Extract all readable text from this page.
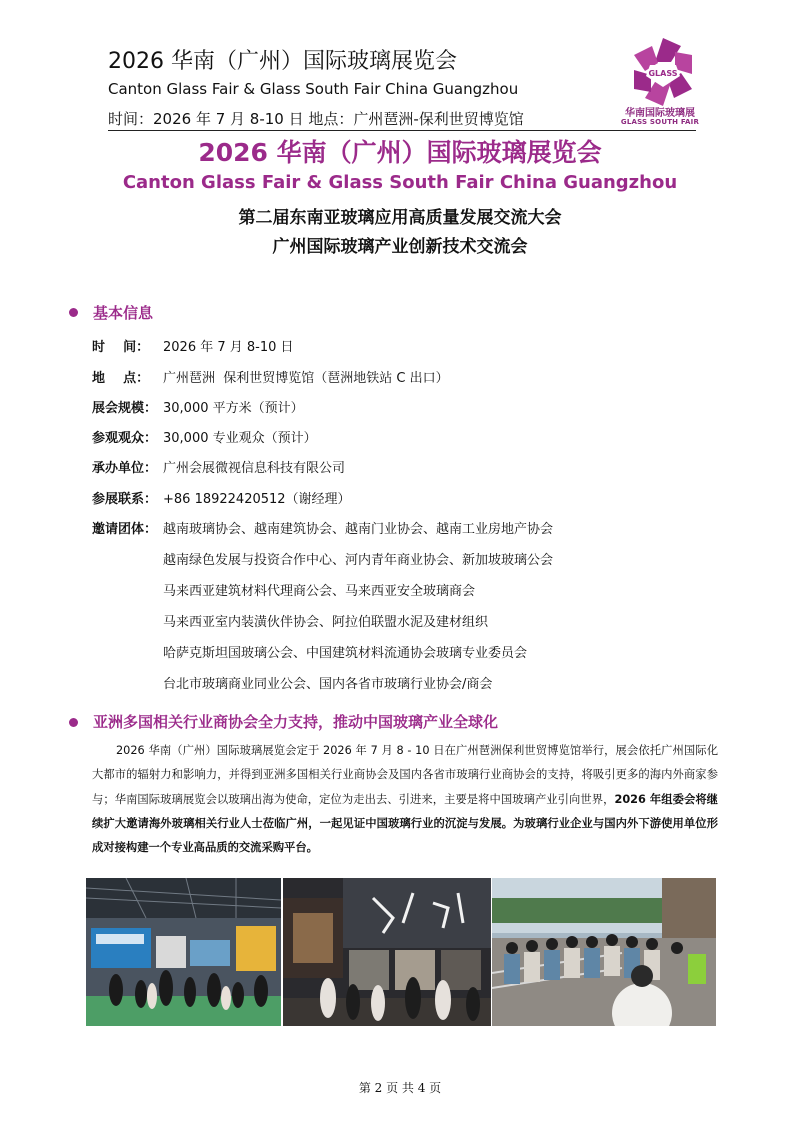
2026 华南（广州）国际玻璃展览会
Canton Glass Fair & Glass South Fair China Guangzhou
时间：2026 年 7 月 8-10 日 地点：广州琶洲-保利世贸博览馆
GLASS
华南国际玻璃展
GLASS SOUTH FAIR
2026 华南（广州）国际玻璃展览会
Canton Glass Fair & Glass South Fair China Guangzhou
第二届东南亚玻璃应用高质量发展交流大会
广州国际玻璃产业创新技术交流会
基本信息
时    间： 2026 年 7 月 8-10 日
地    点： 广州琶洲  保利世贸博览馆（琶洲地铁站 C 出口）
展会规模： 30,000 平方米（预计）
参观观众： 30,000 专业观众（预计）
承办单位： 广州会展微视信息科技有限公司
参展联系： +86 18922420512（谢经理）
邀请团体： 越南玻璃协会、越南建筑协会、越南门业协会、越南工业房地产协会
越南绿色发展与投资合作中心、河内青年商业协会、新加坡玻璃公会
马来西亚建筑材料代理商公会、马来西亚安全玻璃商会
马来西亚室内装潢伙伴协会、阿拉伯联盟水泥及建材组织
哈萨克斯坦国玻璃公会、中国建筑材料流通协会玻璃专业委员会
台北市玻璃商业同业公会、国内各省市玻璃行业协会/商会
亚洲多国相关行业商协会全力支持，推动中国玻璃产业全球化
2026 华南（广州）国际玻璃展览会定于 2026 年 7 月 8 - 10 日在广州琶洲保利世贸博览馆举行，展会依托广州国际化大都市的辐射力和影响力，并得到亚洲多国相关行业商协会及国内各省市玻璃行业商协会的支持，将吸引更多的海内外商家参与；华南国际玻璃展览会以玻璃出海为使命，定位为走出去、引进来，主要是将中国玻璃产业引向世界，2026 年组委会将继续扩大邀请海外玻璃相关行业人士莅临广州，一起见证中国玻璃行业的沉淀与发展。为玻璃行业企业与国内外下游使用单位形成对接构建一个专业高品质的交流采购平台。
第 2 页 共 4 页
